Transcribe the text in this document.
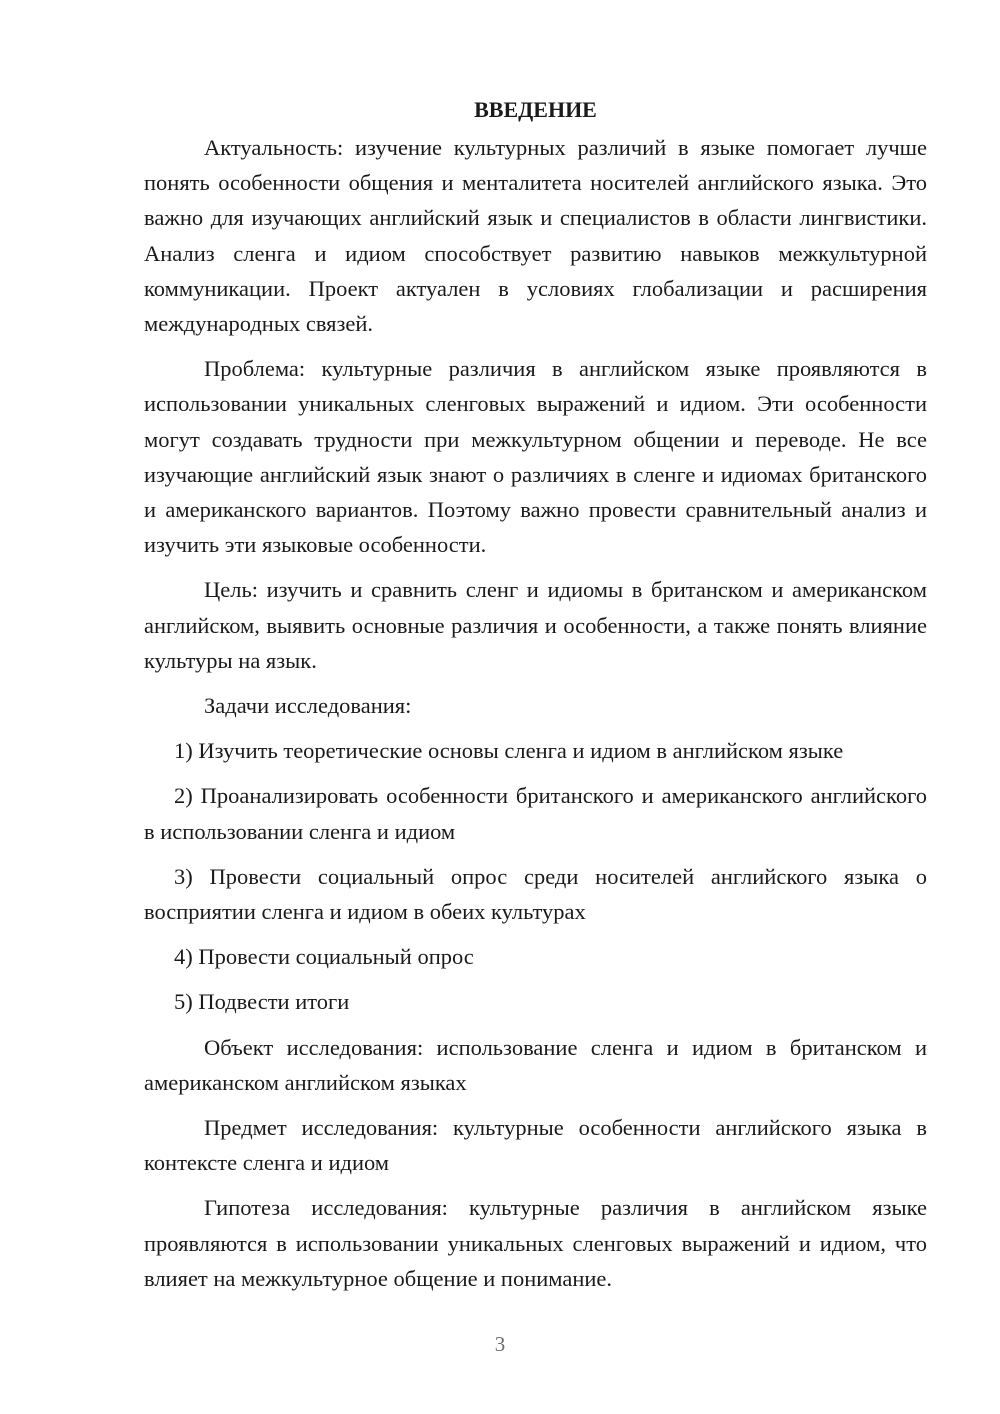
ВВЕДЕНИЕ

Актуальность: изучение культурных различий в языке помогает лучше понять особенности общения и менталитета носителей английского языка. Это важно для изучающих английский язык и специалистов в области лингвистики. Анализ сленга и идиом способствует развитию навыков межкультурной коммуникации. Проект актуален в условиях глобализации и расширения международных связей.

Проблема: культурные различия в английском языке проявляются в использовании уникальных сленговых выражений и идиом. Эти особенности могут создавать трудности при межкультурном общении и переводе. Не все изучающие английский язык знают о различиях в сленге и идиомах британского и американского вариантов. Поэтому важно провести сравнительный анализ и изучить эти языковые особенности.

Цель: изучить и сравнить сленг и идиомы в британском и американском английском, выявить основные различия и особенности, а также понять влияние культуры на язык.

Задачи исследования:

1) Изучить теоретические основы сленга и идиом в английском языке

2) Проанализировать особенности британского и американского английского в использовании сленга и идиом

3) Провести социальный опрос среди носителей английского языка о восприятии сленга и идиом в обеих культурах

4) Провести социальный опрос

5) Подвести итоги

Объект исследования: использование сленга и идиом в британском и американском английском языках

Предмет исследования: культурные особенности английского языка в контексте сленга и идиом

Гипотеза исследования: культурные различия в английском языке проявляются в использовании уникальных сленговых выражений и идиом, что влияет на межкультурное общение и понимание.

3
